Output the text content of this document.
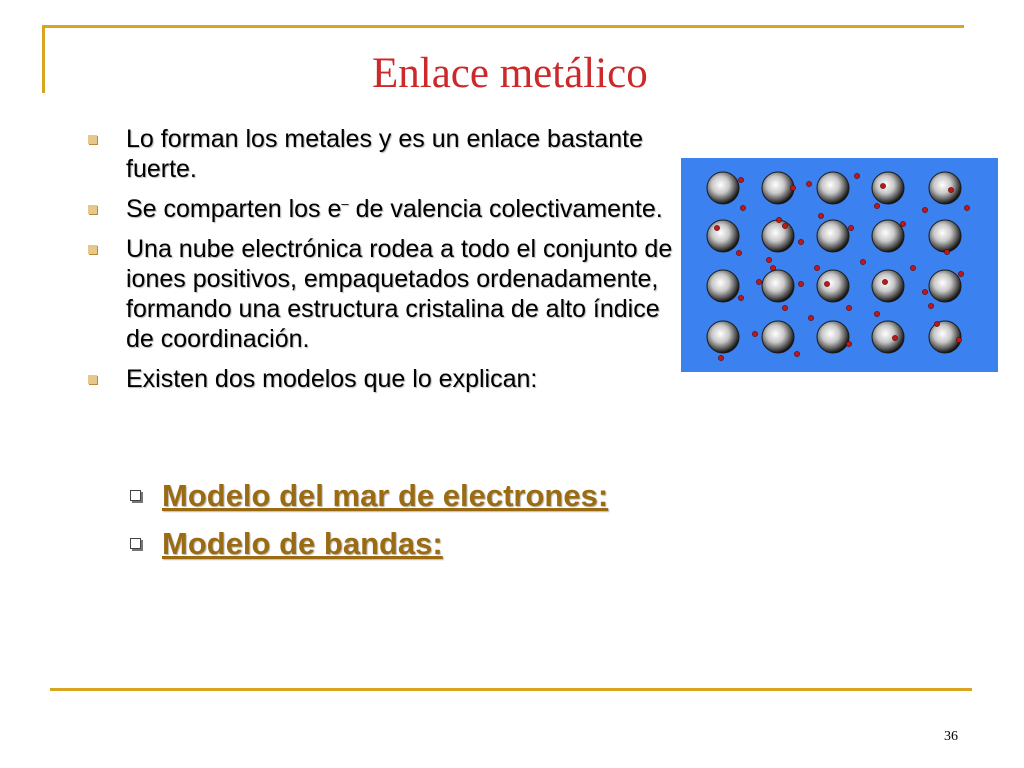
Enlace metálico
Lo forman los metales y es un enlace bastante fuerte.
Se comparten los e– de valencia colectivamente.
Una nube electrónica rodea a todo el conjunto de iones positivos, empaquetados ordenadamente, formando una estructura cristalina de alto índice de coordinación.
Existen dos modelos que lo explican:
Modelo del mar de electrones:
Modelo de bandas:
36
